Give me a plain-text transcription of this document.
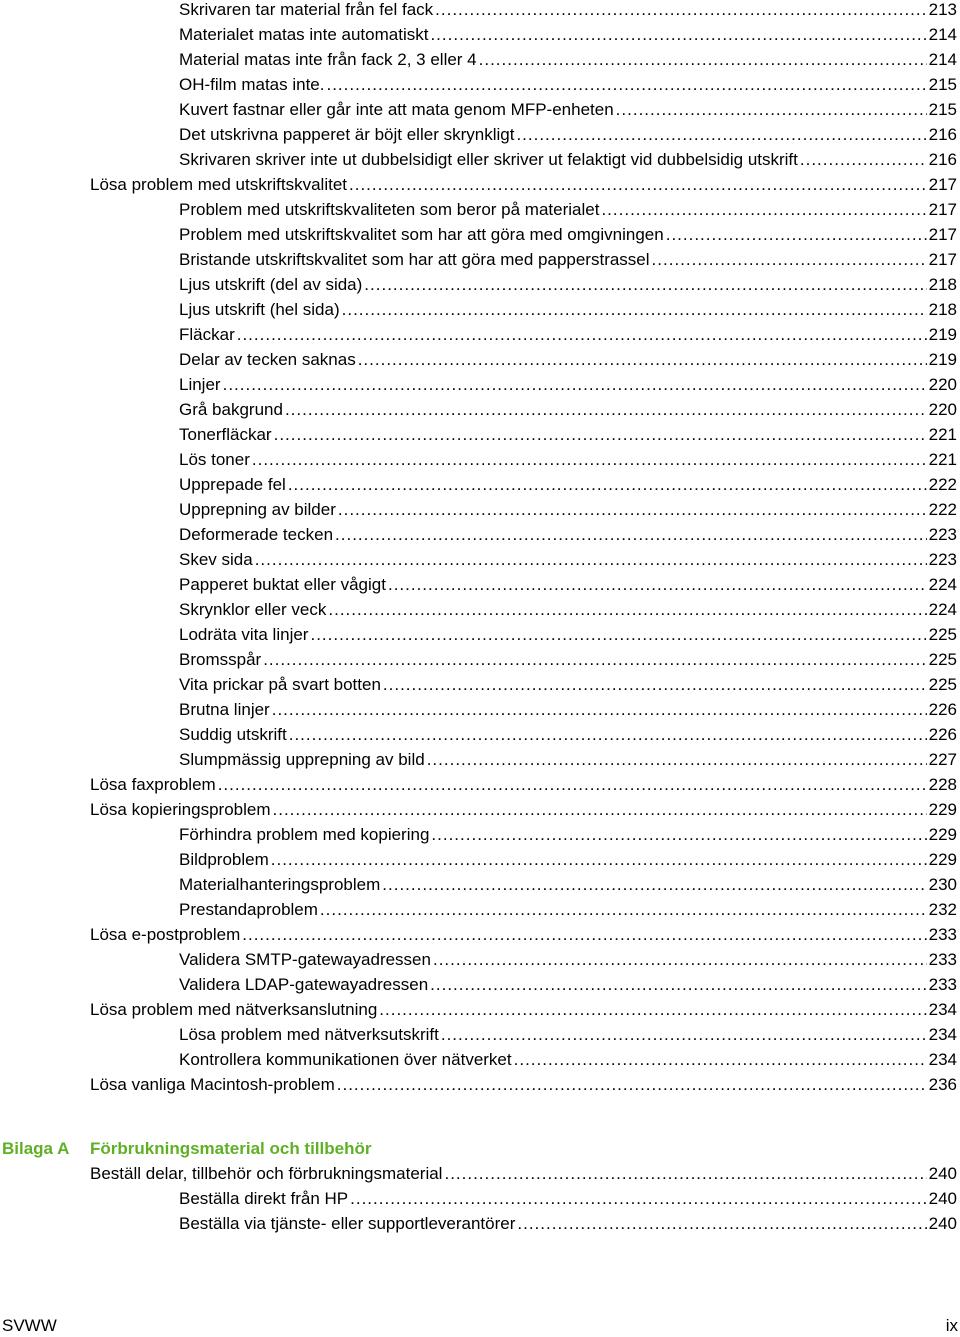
Skrivaren tar material från fel fack .....	213
Materialet matas inte automatiskt .....	214
Material matas inte från fack 2, 3 eller 4 .....	214
OH-film matas inte. .....	215
Kuvert fastnar eller går inte att mata genom MFP-enheten .....	215
Det utskrivna papperet är böjt eller skrynkligt .....	216
Skrivaren skriver inte ut dubbelsidigt eller skriver ut felaktigt vid dubbelsidig utskrift .....	216
Lösa problem med utskriftskvalitet .....	217
Problem med utskriftskvaliteten som beror på materialet .....	217
Problem med utskriftskvalitet som har att göra med omgivningen .....	217
Bristande utskriftskvalitet som har att göra med papperstrassel .....	217
Ljus utskrift (del av sida) .....	218
Ljus utskrift (hel sida) .....	218
Fläckar .....	219
Delar av tecken saknas .....	219
Linjer .....	220
Grå bakgrund .....	220
Tonerfläckar .....	221
Lös toner .....	221
Upprepade fel .....	222
Upprepning av bilder .....	222
Deformerade tecken .....	223
Skev sida .....	223
Papperet buktat eller vågigt .....	224
Skrynklor eller veck .....	224
Lodräta vita linjer .....	225
Bromsspår .....	225
Vita prickar på svart botten .....	225
Brutna linjer .....	226
Suddig utskrift .....	226
Slumpmässig upprepning av bild .....	227
Lösa faxproblem .....	228
Lösa kopieringsproblem .....	229
Förhindra problem med kopiering .....	229
Bildproblem .....	229
Materialhanteringsproblem .....	230
Prestandaproblem .....	232
Lösa e-postproblem .....	233
Validera SMTP-gatewayadressen .....	233
Validera LDAP-gatewayadressen .....	233
Lösa problem med nätverksanslutning .....	234
Lösa problem med nätverksutskrift .....	234
Kontrollera kommunikationen över nätverket .....	234
Lösa vanliga Macintosh-problem .....	236
Bilaga A Förbrukningsmaterial och tillbehör
Beställ delar, tillbehör och förbrukningsmaterial .....	240
Beställa direkt från HP .....	240
Beställa via tjänste- eller supportleverantörer .....	240
SVWW	ix
